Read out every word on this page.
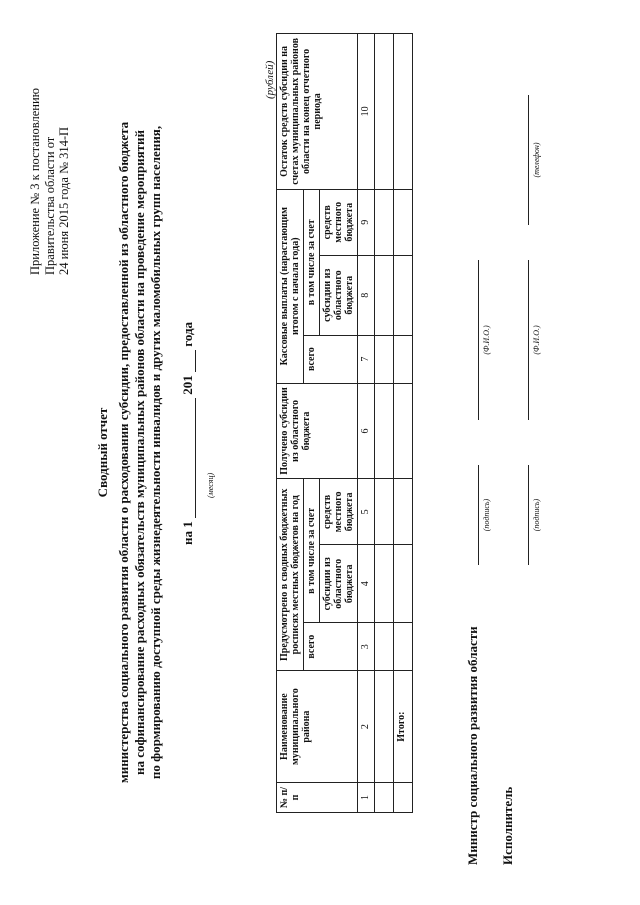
Приложение № 3 к постановлению Правительства области от 24 июня 2015 года № 314-П
Сводный отчет министерства социального развития области о расходовании субсидии, предоставленной из областного бюджета на софинансирование расходных обязательств муниципальных районов области на проведение мероприятий по формированию доступной среды жизнедеятельности инвалидов и других маломобильных групп населения, на 1  201  года
(месяц)
(рублей)
№ п/п	Наименование муниципального района	Предусмотрено в сводных бюджетных росписях местных бюджетов на год			Получено субсидии из областного бюджета	Кассовые выплаты (нарастающим итогом с начала года)			Остаток средств субсидии на счетах муниципальных районов области на конец отчетного периода
		всего	в том числе за счет			всего	в том числе за счет		
			субсидии из областного бюджета	средств местного бюджета			субсидии из областного бюджета	средств местного бюджета	
1	2	3	4	5	6	7	8	9	10

	Итого:									Министр социального развития области
(подпись)
(Ф.И.О.)
Исполнитель
(подпись)
(Ф.И.О.)
(телефон)
